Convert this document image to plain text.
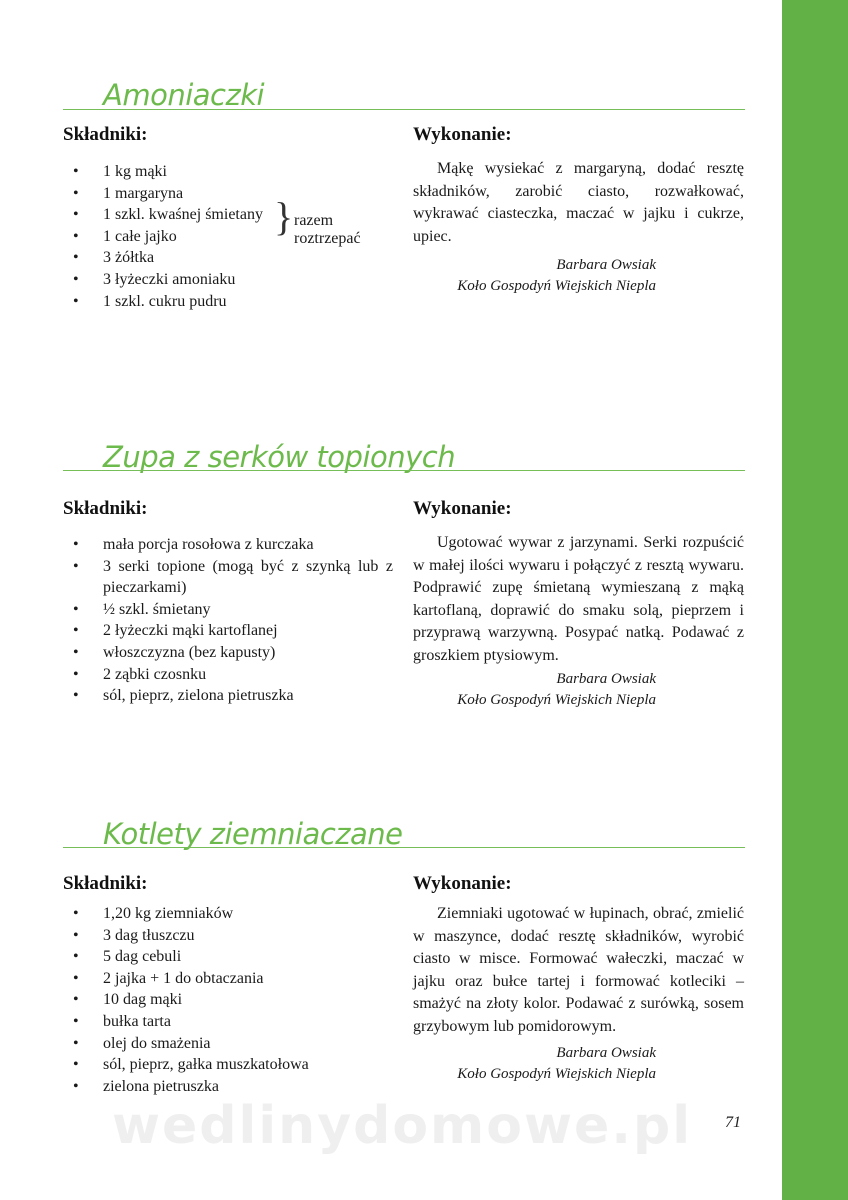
Amoniaczki
Składniki:	Wykonanie:
• 1 kg mąki
• 1 margaryna
• 1 szkl. kwaśnej śmietany
• 1 całe jajko
• 3 żółtka
• 3 łyżeczki amoniaku
• 1 szkl. cukru pudru
} razem
roztrzepać

Mąkę wysiekać z margaryną, dodać resztę składników, zarobić ciasto, rozwałkować, wykrawać ciasteczka, maczać w jajku i cukrze, upiec.

Barbara Owsiak
Koło Gospodyń Wiejskich Niepla
Zupa z serków topionych
Składniki:	Wykonanie:
• mała porcja rosołowa z kurczaka
• 3 serki topione (mogą być z szynką lub z pieczarkami)
• ½ szkl. śmietany
• 2 łyżeczki mąki kartoflanej
• włoszczyzna (bez kapusty)
• 2 ząbki czosnku
• sól, pieprz, zielona pietruszka

Ugotować wywar z jarzynami. Serki rozpuścić w małej ilości wywaru i połączyć z resztą wywaru. Podprawić zupę śmietaną wymieszaną z mąką kartoflaną, doprawić do smaku solą, pieprzem i przyprawą warzywną. Posypać natką. Podawać z groszkiem ptysiowym.

Barbara Owsiak
Koło Gospodyń Wiejskich Niepla
Kotlety ziemniaczane
Składniki:	Wykonanie:
• 1,20 kg ziemniaków
• 3 dag tłuszczu
• 5 dag cebuli
• 2 jajka + 1 do obtaczania
• 10 dag mąki
• bułka tarta
• olej do smażenia
• sól, pieprz, gałka muszkatołowa
• zielona pietruszka

Ziemniaki ugotować w łupinach, obrać, zmielić w maszynce, dodać resztę składników, wyrobić ciasto w misce. Formować wałeczki, maczać w jajku oraz bułce tartej i formować kotleciki – smażyć na złoty kolor. Podawać z surówką, sosem grzybowym lub pomidorowym.

Barbara Owsiak
Koło Gospodyń Wiejskich Niepla
wedlinydomowe.pl 71
